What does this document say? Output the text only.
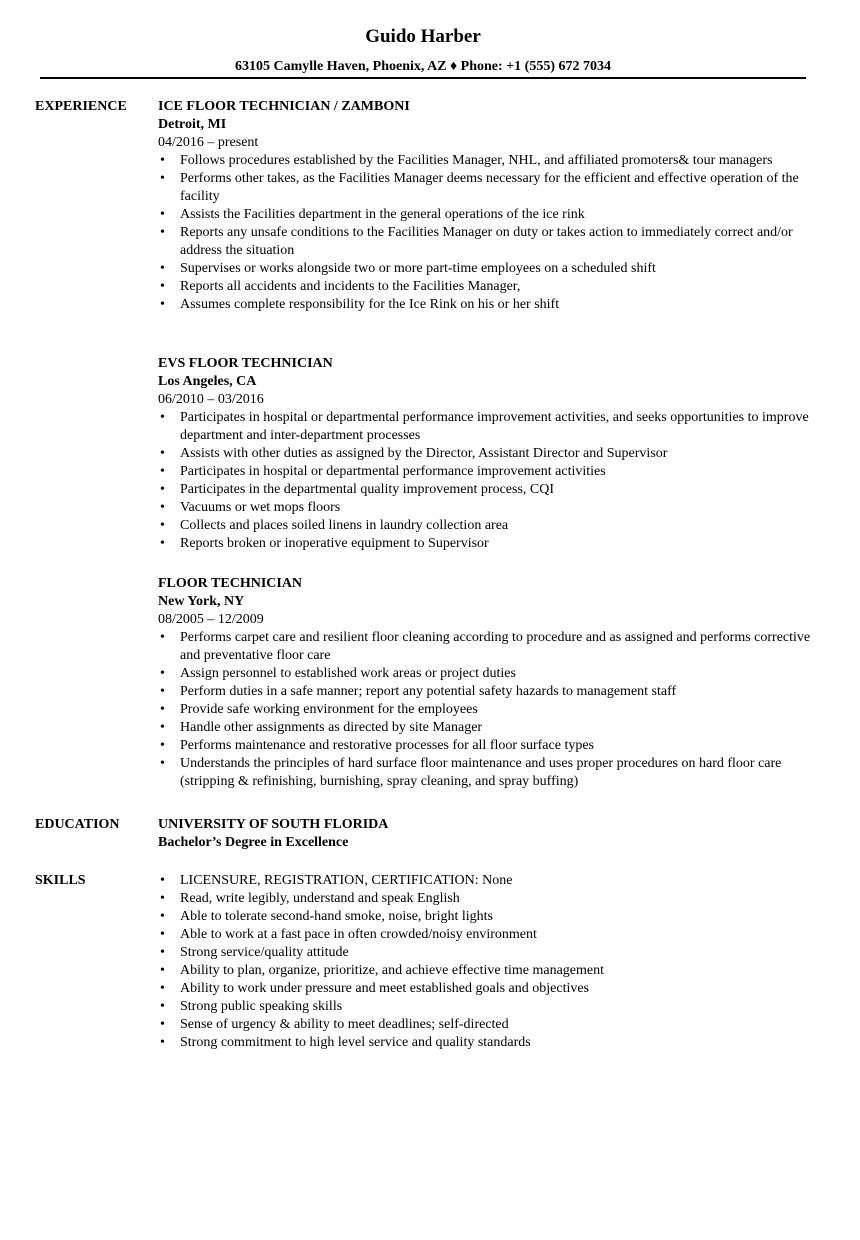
Guido Harber
63105 Camylle Haven, Phoenix, AZ ♦ Phone: +1 (555) 672 7034
EXPERIENCE ICE FLOOR TECHNICIAN / ZAMBONI
Detroit, MI
04/2016 – present
• Follows procedures established by the Facilities Manager, NHL, and affiliated promoters& tour managers
• Performs other takes, as the Facilities Manager deems necessary for the efficient and effective operation of the facility
• Assists the Facilities department in the general operations of the ice rink
• Reports any unsafe conditions to the Facilities Manager on duty or takes action to immediately correct and/or address the situation
• Supervises or works alongside two or more part-time employees on a scheduled shift
• Reports all accidents and incidents to the Facilities Manager,
• Assumes complete responsibility for the Ice Rink on his or her shift
EVS FLOOR TECHNICIAN
Los Angeles, CA
06/2010 – 03/2016
• Participates in hospital or departmental performance improvement activities, and seeks opportunities to improve department and inter-department processes
• Assists with other duties as assigned by the Director, Assistant Director and Supervisor
• Participates in hospital or departmental performance improvement activities
• Participates in the departmental quality improvement process, CQI
• Vacuums or wet mops floors
• Collects and places soiled linens in laundry collection area
• Reports broken or inoperative equipment to Supervisor
FLOOR TECHNICIAN
New York, NY
08/2005 – 12/2009
• Performs carpet care and resilient floor cleaning according to procedure and as assigned and performs corrective and preventative floor care
• Assign personnel to established work areas or project duties
• Perform duties in a safe manner; report any potential safety hazards to management staff
• Provide safe working environment for the employees
• Handle other assignments as directed by site Manager
• Performs maintenance and restorative processes for all floor surface types
• Understands the principles of hard surface floor maintenance and uses proper procedures on hard floor care (stripping & refinishing, burnishing, spray cleaning, and spray buffing)
EDUCATION	UNIVERSITY OF SOUTH FLORIDA
Bachelor’s Degree in Excellence
SKILLS
•	LICENSURE, REGISTRATION, CERTIFICATION: None
• Read, write legibly, understand and speak English
• Able to tolerate second-hand smoke, noise, bright lights
• Able to work at a fast pace in often crowded/noisy environment
• Strong service/quality attitude
• Ability to plan, organize, prioritize, and achieve effective time management
• Ability to work under pressure and meet established goals and objectives
• Strong public speaking skills
• Sense of urgency & ability to meet deadlines; self-directed
• Strong commitment to high level service and quality standards
